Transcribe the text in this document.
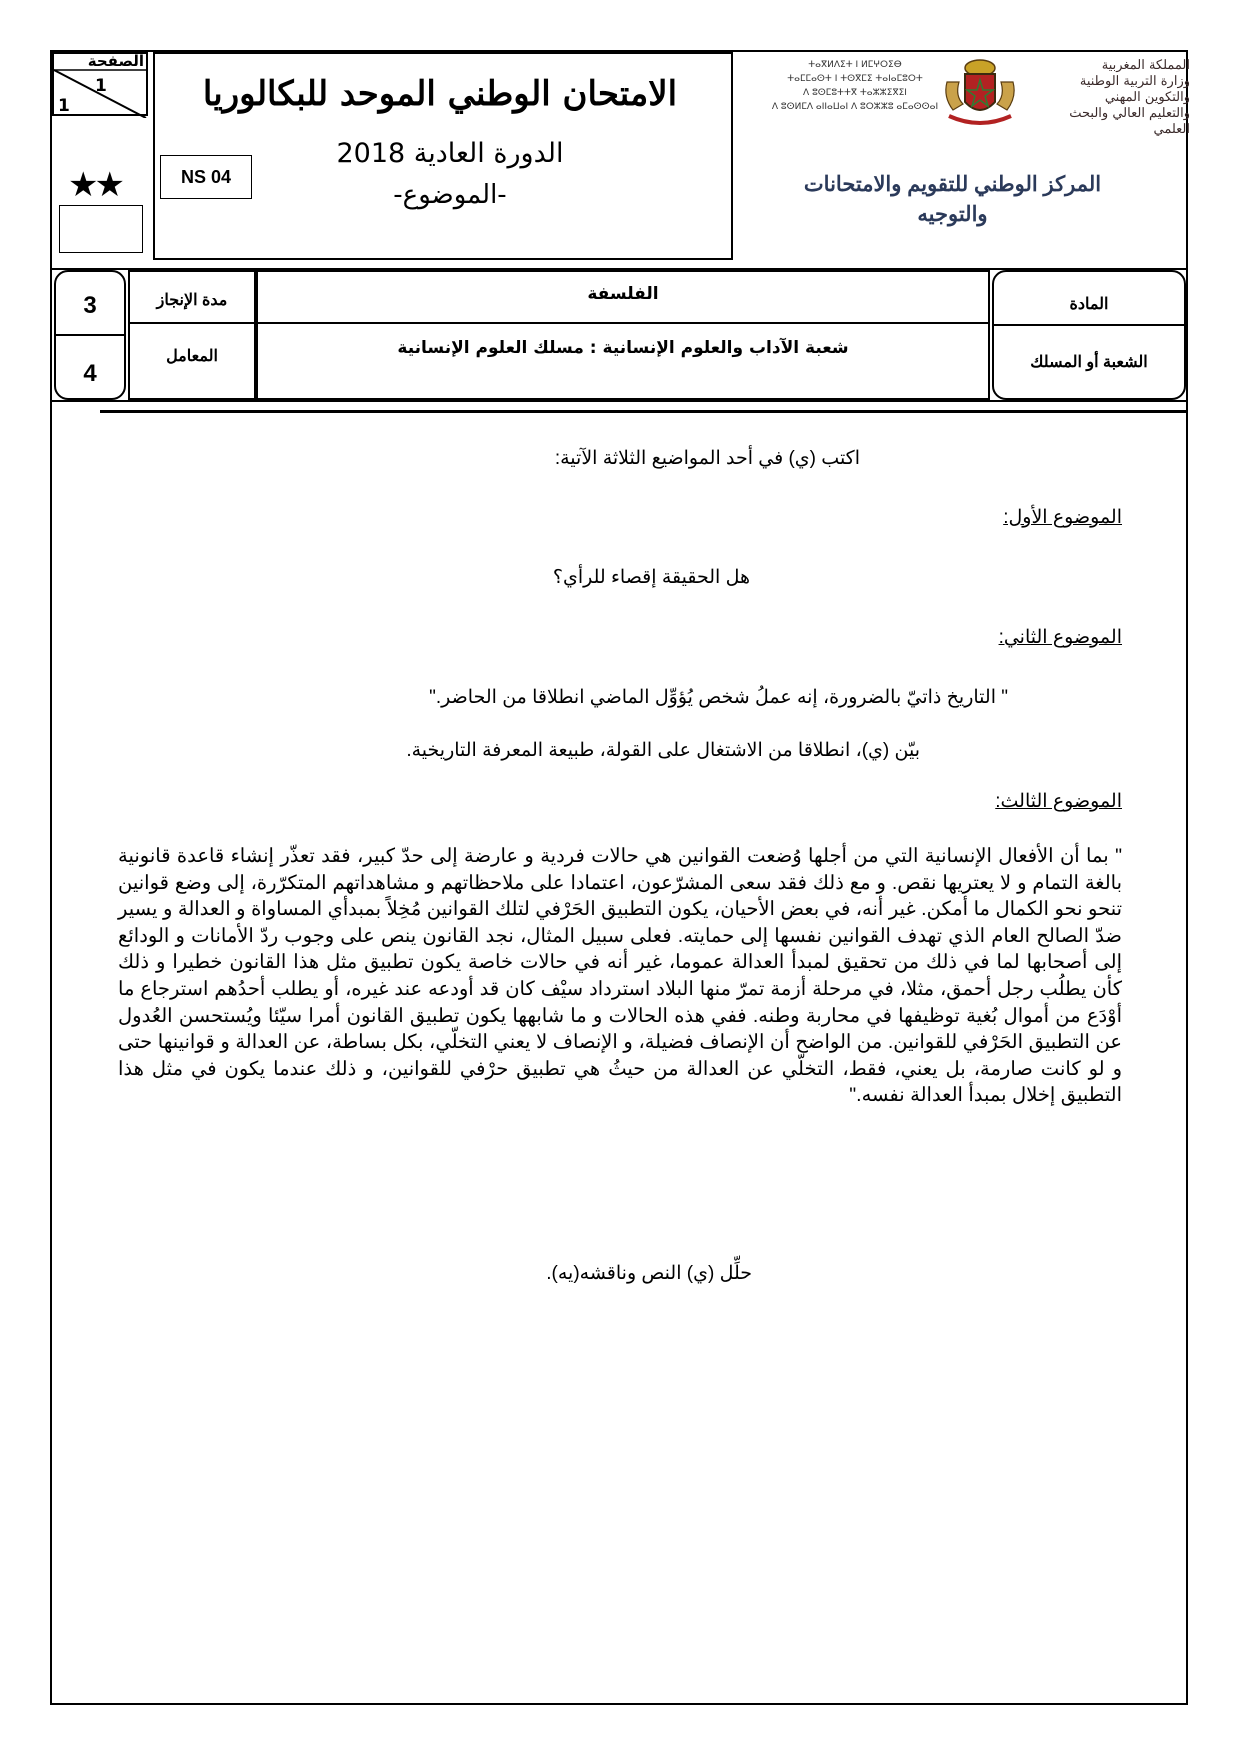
الصفحة
1
1
★★
الامتحان الوطني الموحد للبكالوريا
الدورة العادية 2018
-الموضوع-
NS 04
ⵜⴰⴳⵍⴷⵉⵜ ⵏ ⵍⵎⵖⵔⵉⴱ
ⵜⴰⵎⵎⴰⵙⵜ ⵏ ⵜⵙⴳⵎⵉ ⵜⴰⵏⴰⵎⵓⵔⵜ
ⴷ ⵓⵙⵎⵓⵜⵜⴳ ⵜⴰⵣⵣⵉⴳⵉⵏ
ⴷ ⵓⵙⵍⵎⴷ ⴰⵏⵏⴰⵡⴰⵏ ⴷ ⵓⵔⵣⵣⵓ ⴰⵎⴰⵙⵙⴰⵏ
المملكة المغربية
وزارة التربية الوطنية
والتكوين المهني
والتعليم العالي والبحث العلمي
المركز الوطني للتقويم والامتحانات
والتوجيه
3
4
مدة الإنجاز
المعامل
الفلسفة
شعبة الآداب والعلوم الإنسانية : مسلك العلوم الإنسانية
المادة
الشعبة أو المسلك
اكتب (ي) في أحد المواضيع الثلاثة الآتية:
الموضوع الأول:
هل الحقيقة إقصاء للرأي؟
الموضوع الثاني:
" التاريخ ذاتيّ بالضرورة، إنه عملُ شخص يُؤوِّل الماضي انطلاقا من الحاضر."
بيّن (ي)، انطلاقا من الاشتغال على القولة، طبيعة المعرفة التاريخية.
الموضوع الثالث:
" بما أن الأفعال الإنسانية التي من أجلها وُضعت القوانين هي حالات فردية و عارضة إلى حدّ كبير، فقد تعذّر إنشاء قاعدة قانونية بالغة التمام و لا يعتريها نقص. و مع ذلك فقد سعى المشرّعون، اعتمادا على ملاحظاتهم و مشاهداتهم المتكرّرة، إلى وضع قوانين تنحو نحو الكمال ما أمكن. غير أنه، في بعض الأحيان، يكون التطبيق الحَرْفي لتلك القوانين مُخِلاً بمبدأي المساواة و العدالة و يسير ضدّ الصالح العام الذي تهدف القوانين نفسها إلى حمايته. فعلى سبيل المثال، نجد القانون ينص على وجوب ردّ الأمانات و الودائع إلى أصحابها لما في ذلك من تحقيق لمبدأ العدالة عموما، غير أنه في حالات خاصة يكون تطبيق مثل هذا القانون خطيرا و ذلك كأن يطلُب رجل أحمق، مثلا، في مرحلة أزمة تمرّ منها البلاد استرداد سيْف كان قد أودعه عند غيره، أو يطلب أحدُهم استرجاع ما أوْدَع من أموال بُغية توظيفها في محاربة وطنه. ففي هذه الحالات و ما شابهها يكون تطبيق القانون أمرا سيّئا ويُستحسن العُدول عن التطبيق الحَرْفي للقوانين. من الواضح أن الإنصاف فضيلة، و الإنصاف لا يعني التخلّي، بكل بساطة، عن العدالة و قوانينها حتى و لو كانت صارمة، بل يعني، فقط، التخلّي عن العدالة من حيثُ هي تطبيق حرْفي للقوانين، و ذلك عندما يكون في مثل هذا التطبيق إخلال بمبدأ العدالة نفسه."
حلِّل (ي) النص وناقشه(يه).
